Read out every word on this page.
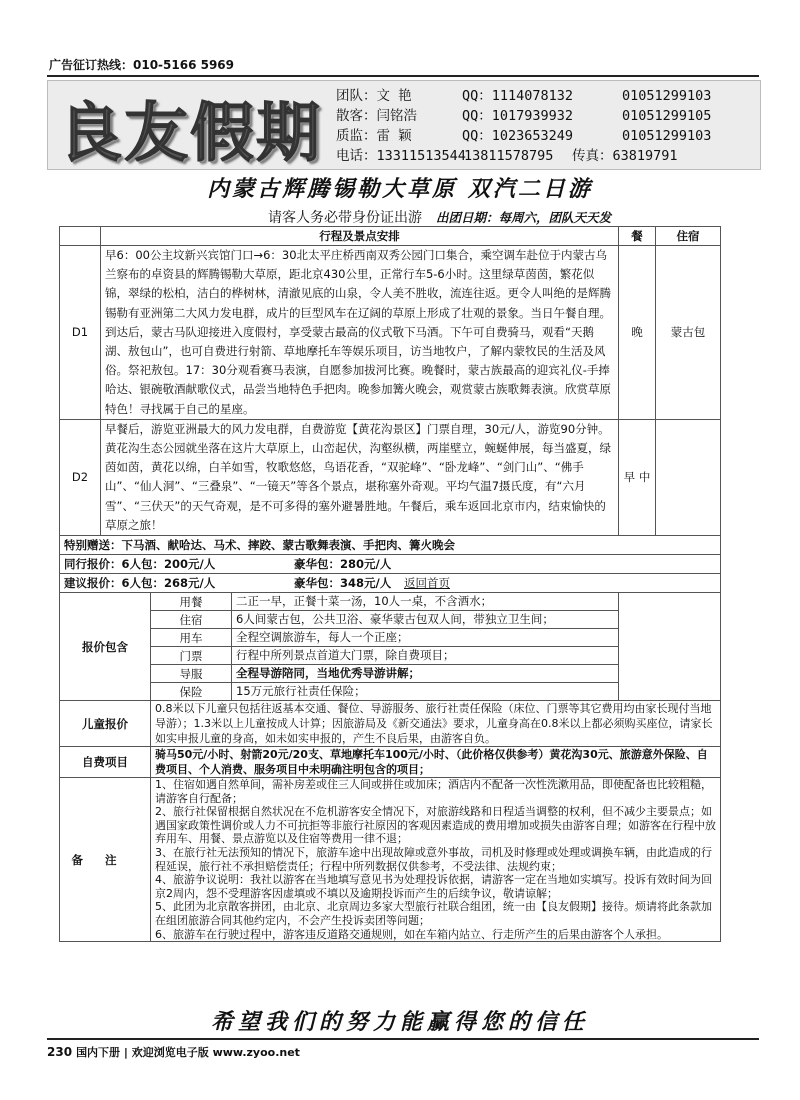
广告征订热线：010-5166 5969
良友假期 团队：文 艳	QQ：1114078132	01051299103
散客：闫铭浩	QQ：1017939932	01051299105
质监：雷 颖	QQ：1023653249	01051299103
电话：1331151354413811578795 传真：63819791
内蒙古辉腾锡勒大草原 双汽二日游
请客人务必带身份证出游 出团日期：每周六，团队天天发
	行程及景点安排	餐	住宿
D1	早6：00公主坟新兴宾馆门口→6：30北太平庄桥西南双秀公园门口集合，乘空调车赴位于内蒙古乌兰察布的卓资县的辉腾锡勒大草原，距北京430公里，正常行车5-6小时。这里绿草茵茵，繁花似锦，翠绿的松柏，洁白的桦树林，清澈见底的山泉，令人美不胜收，流连往返。更令人叫绝的是辉腾锡勒有亚洲第二大风力发电群，成片的巨型风车在辽阔的草原上形成了壮观的景象。当日午餐自理。到达后，蒙古马队迎接进入度假村，享受蒙古最高的仪式敬下马酒。下午可自费骑马，观看“天鹅湖、敖包山”，也可自费进行射箭、草地摩托车等娱乐项目，访当地牧户，了解内蒙牧民的生活及风俗。祭祀敖包。17：30分观看赛马表演，自愿参加拔河比赛。晚餐时，蒙古族最高的迎宾礼仪-手捧哈达、银碗敬酒献歌仪式，品尝当地特色手把肉。晚参加篝火晚会，观赏蒙古族歌舞表演。欣赏草原特色！寻找属于自己的星座。	晚	蒙古包
D2	早餐后，游览亚洲最大的风力发电群，自费游览【黄花沟景区】门票自理，30元/人，游览90分钟。黄花沟生态公园就坐落在这片大草原上，山峦起伏，沟壑纵横，两崖壁立，蜿蜒伸展，每当盛夏，绿茵如茵，黄花以绵，白羊如雪，牧歌悠悠，鸟语花香，“双驼峰”、“卧龙峰”、“剑门山”、“佛手山”、“仙人洞”、“三叠泉”、“一镜天”等各个景点，堪称塞外奇观。平均气温7摄氏度，有“六月雪”、“三伏天”的天气奇观，是不可多得的塞外避暑胜地。午餐后，乘车返回北京市内，结束愉快的草原之旅！	早 中	
特别赠送：下马酒、献哈达、马术、摔跤、蒙古歌舞表演、手把肉、篝火晚会
同行报价：6人包：200元/人	豪华包：280元/人
建议报价：6人包：268元/人	豪华包：348元/人 返回首页

报价包含	用餐	二正一早，正餐十菜一汤，10人一桌，不含酒水；
住宿	6人间蒙古包，公共卫浴、豪华蒙古包双人间，带独立卫生间；
用车	全程空调旅游车，每人一个正座；
门票	行程中所列景点首道大门票，除自费项目；
导服	全程导游陪同，当地优秀导游讲解；
保险	15万元旅行社责任保险；

儿童报价	0.8米以下儿童只包括往返基本交通、餐位、导游服务、旅行社责任保险（床位、门票等其它费用均由家长现付当地导游）；1.3米以上儿童按成人计算；因旅游局及《新交通法》要求，儿童身高在0.8米以上都必须购买座位，请家长如实申报儿童的身高，如未如实申报的，产生不良后果，由游客自负。

自费项目	骑马50元/小时、射箭20元/20支、草地摩托车100元/小时、（此价格仅供参考）黄花沟30元、旅游意外保险、自费项目、个人消费、服务项目中未明确注明包含的项目；

备注	
1、住宿如遇自然单间，需补房差或住三人间或拼住或加床；酒店内不配备一次性洗漱用品，即使配备也比较粗糙，请游客自行配备；
2、旅行社保留根据自然状况在不危机游客安全情况下，对旅游线路和日程适当调整的权利，但不减少主要景点；如遇国家政策性调价或人力不可抗拒等非旅行社原因的客观因素造成的费用增加或损失由游客自理；如游客在行程中放弃用车、用餐、景点游览以及住宿等费用一律不退；
3、在旅行社无法预知的情况下，旅游车途中出现故障或意外事故，司机及时修理或处理或调换车辆，由此造成的行程延误，旅行社不承担赔偿责任；行程中所列数据仅供参考，不受法律、法规约束；
4、旅游争议说明：我社以游客在当地填写意见书为处理投诉依据，请游客一定在当地如实填写。投诉有效时间为回京2周内，怨不受理游客因虚填或不填以及逾期投诉而产生的后续争议，敬请谅解；
5、此团为北京散客拼团，由北京、北京周边多家大型旅行社联合组团，统一由【良友假期】接待。烦请将此条款加在组团旅游合同其他约定内，不会产生投诉卖团等问题；
6、旅游车在行驶过程中，游客违反道路交通规则，如在车箱内站立、行走所产生的后果由游客个人承担。
希望我们的努力能赢得您的信任
230 国内下册 | 欢迎浏览电子版 www.zyoo.net
